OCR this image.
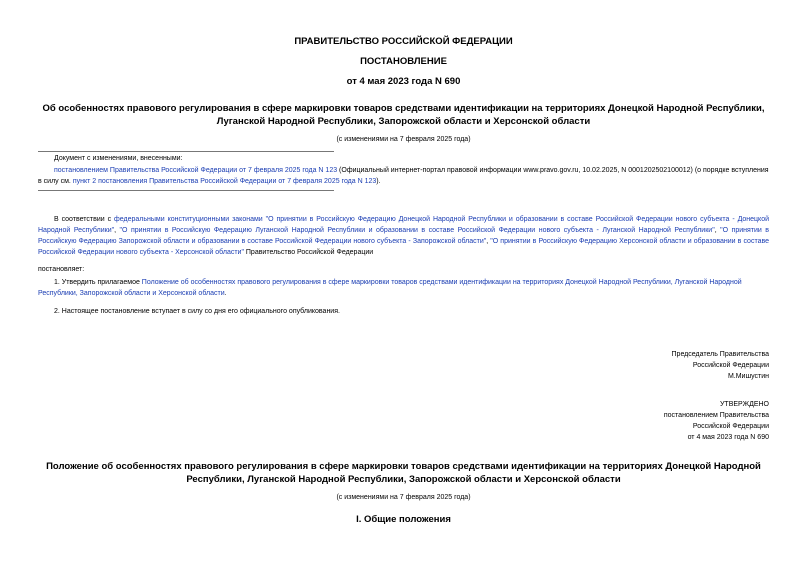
ПРАВИТЕЛЬСТВО РОССИЙСКОЙ ФЕДЕРАЦИИ
ПОСТАНОВЛЕНИЕ
от 4 мая 2023 года N 690
Об особенностях правового регулирования в сфере маркировки товаров средствами идентификации на территориях Донецкой Народной Республики, Луганской Народной Республики, Запорожской области и Херсонской области
(с изменениями на 7 февраля 2025 года)
Документ с изменениями, внесенными:
постановлением Правительства Российской Федерации от 7 февраля 2025 года N 123 (Официальный интернет-портал правовой информации www.pravo.gov.ru, 10.02.2025, N 0001202502100012) (о порядке вступления в силу см. пункт 2 постановления Правительства Российской Федерации от 7 февраля 2025 года N 123).
В соответствии с федеральными конституционными законами "О принятии в Российскую Федерацию Донецкой Народной Республики и образовании в составе Российской Федерации нового субъекта - Донецкой Народной Республики", "О принятии в Российскую Федерацию Луганской Народной Республики и образовании в составе Российской Федерации нового субъекта - Луганской Народной Республики", "О принятии в Российскую Федерацию Запорожской области и образовании в составе Российской Федерации нового субъекта - Запорожской области", "О принятии в Российскую Федерацию Херсонской области и образовании в составе Российской Федерации нового субъекта - Херсонской области" Правительство Российской Федерации
постановляет:
1. Утвердить прилагаемое Положение об особенностях правового регулирования в сфере маркировки товаров средствами идентификации на территориях Донецкой Народной Республики, Луганской Народной Республики, Запорожской области и Херсонской области.
2. Настоящее постановление вступает в силу со дня его официального опубликования.
Председатель Правительства
Российской Федерации
М.Мишустин
УТВЕРЖДЕНО
постановлением Правительства
Российской Федерации
от 4 мая 2023 года N 690
Положение об особенностях правового регулирования в сфере маркировки товаров средствами идентификации на территориях Донецкой Народной Республики, Луганской Народной Республики, Запорожской области и Херсонской области
(с изменениями на 7 февраля 2025 года)
I. Общие положения
